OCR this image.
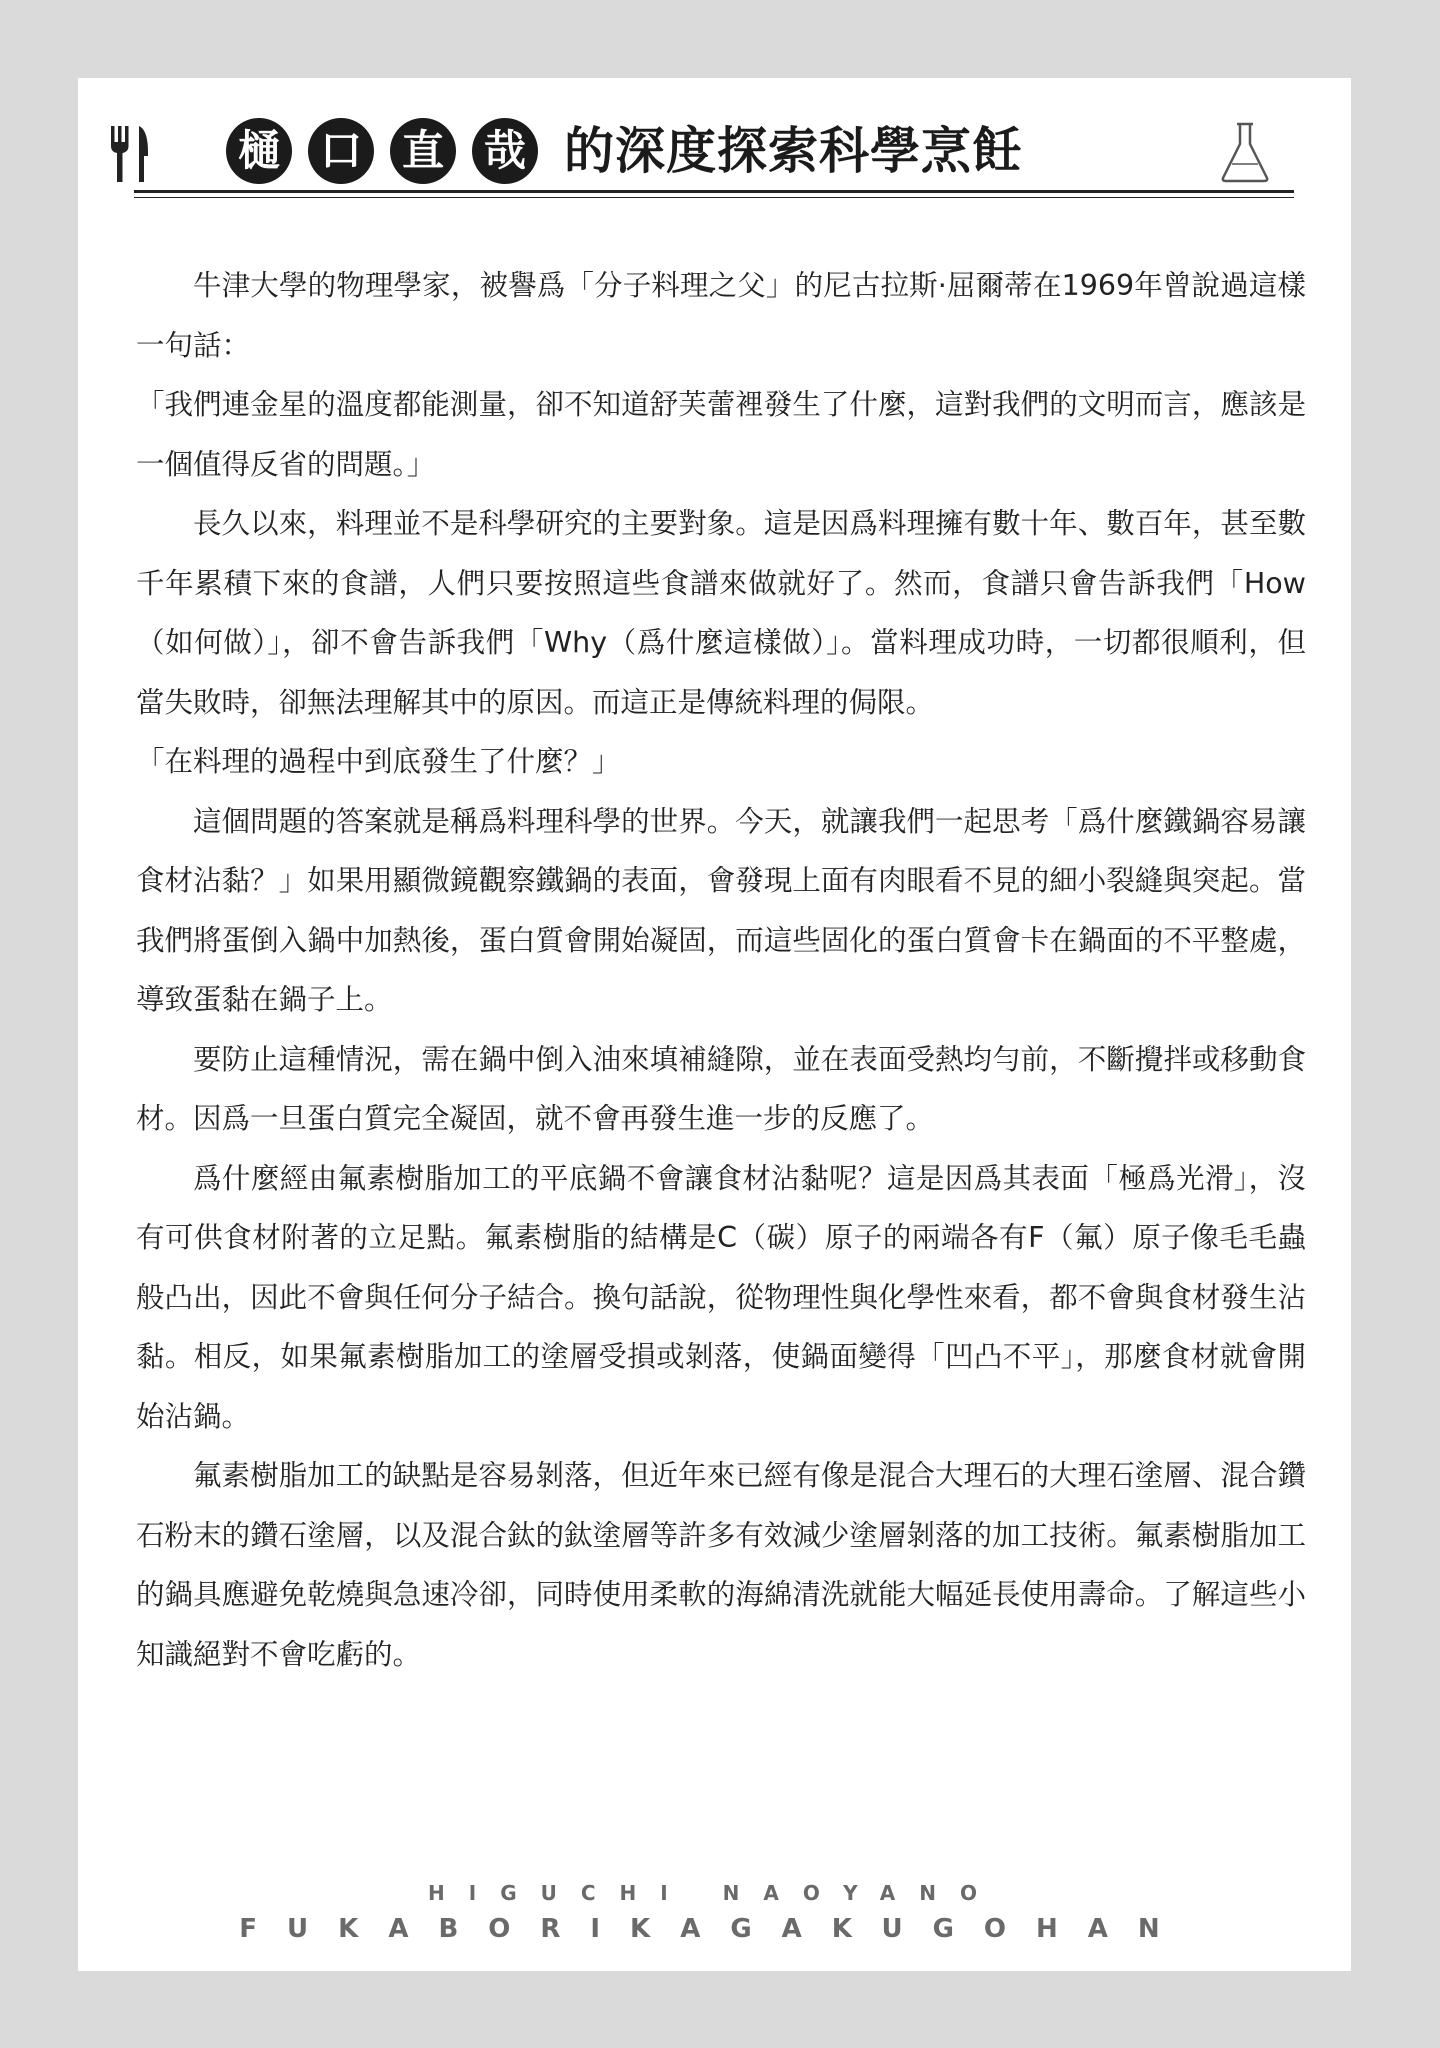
樋 口 直 哉 的深度探索科學烹飪

牛津大學的物理學家，被譽爲「分子料理之父」的尼古拉斯·屈爾蒂在1969年曾說過這樣一句話：

「我們連金星的溫度都能測量，卻不知道舒芙蕾裡發生了什麼，這對我們的文明而言，應該是一個值得反省的問題。」

長久以來，料理並不是科學研究的主要對象。這是因爲料理擁有數十年、數百年，甚至數千年累積下來的食譜，人們只要按照這些食譜來做就好了。然而，食譜只會告訴我們「How（如何做）」，卻不會告訴我們「Why（爲什麼這樣做）」。當料理成功時，一切都很順利，但當失敗時，卻無法理解其中的原因。而這正是傳統料理的侷限。

「在料理的過程中到底發生了什麼？」

這個問題的答案就是稱爲料理科學的世界。今天，就讓我們一起思考「爲什麼鐵鍋容易讓食材沾黏？」如果用顯微鏡觀察鐵鍋的表面，會發現上面有肉眼看不見的細小裂縫與突起。當我們將蛋倒入鍋中加熱後，蛋白質會開始凝固，而這些固化的蛋白質會卡在鍋面的不平整處，導致蛋黏在鍋子上。

要防止這種情況，需在鍋中倒入油來填補縫隙，並在表面受熱均勻前，不斷攪拌或移動食材。因爲一旦蛋白質完全凝固，就不會再發生進一步的反應了。

爲什麼經由氟素樹脂加工的平底鍋不會讓食材沾黏呢？這是因爲其表面「極爲光滑」，沒有可供食材附著的立足點。氟素樹脂的結構是C（碳）原子的兩端各有F（氟）原子像毛毛蟲般凸出，因此不會與任何分子結合。換句話說，從物理性與化學性來看，都不會與食材發生沾黏。相反，如果氟素樹脂加工的塗層受損或剝落，使鍋面變得「凹凸不平」，那麼食材就會開始沾鍋。

氟素樹脂加工的缺點是容易剝落，但近年來已經有像是混合大理石的大理石塗層、混合鑽石粉末的鑽石塗層，以及混合鈦的鈦塗層等許多有效減少塗層剝落的加工技術。氟素樹脂加工的鍋具應避免乾燒與急速冷卻，同時使用柔軟的海綿清洗就能大幅延長使用壽命。了解這些小知識絕對不會吃虧的。

HIGUCHI NAOYANO
FUKABORIKAGAKUGOHAN
